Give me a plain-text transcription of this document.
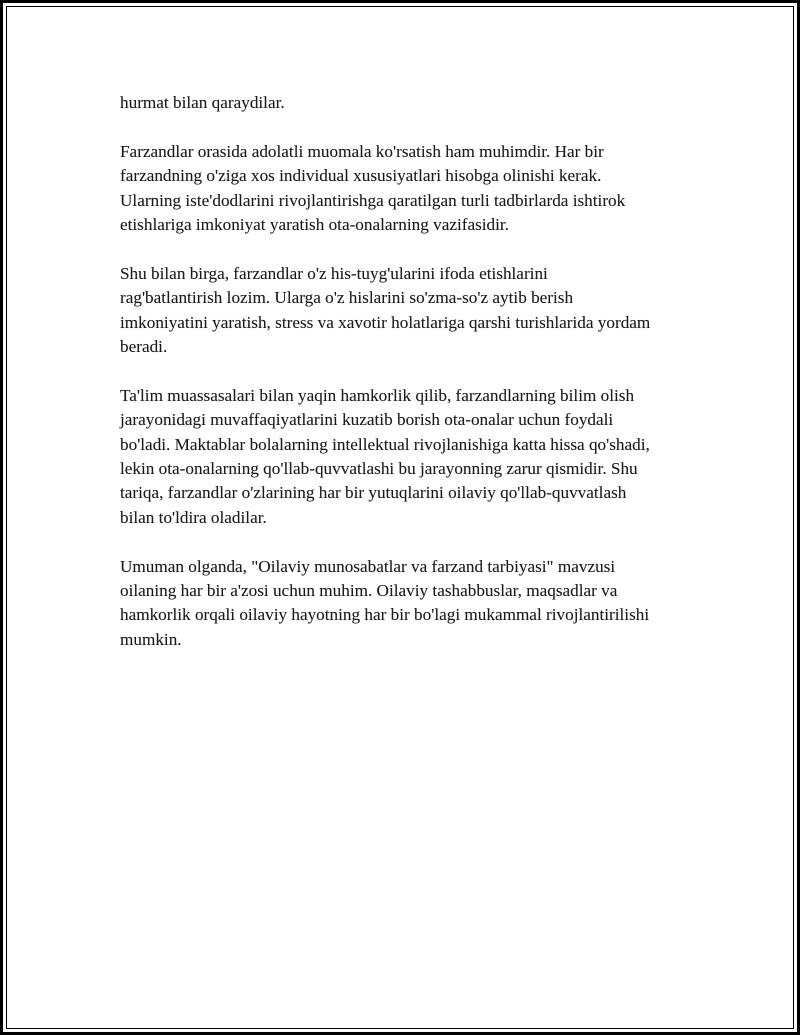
hurmat bilan qaraydilar.

Farzandlar orasida adolatli muomala ko'rsatish ham muhimdir. Har bir
farzandning o'ziga xos individual xususiyatlari hisobga olinishi kerak.
Ularning iste'dodlarini rivojlantirishga qaratilgan turli tadbirlarda ishtirok
etishlariga imkoniyat yaratish ota-onalarning vazifasidir.

Shu bilan birga, farzandlar o'z his-tuyg'ularini ifoda etishlarini
rag'batlantirish lozim. Ularga o'z hislarini so'zma-so'z aytib berish
imkoniyatini yaratish, stress va xavotir holatlariga qarshi turishlarida yordam
beradi.

Ta'lim muassasalari bilan yaqin hamkorlik qilib, farzandlarning bilim olish
jarayonidagi muvaffaqiyatlarini kuzatib borish ota-onalar uchun foydali
bo'ladi. Maktablar bolalarning intellektual rivojlanishiga katta hissa qo'shadi,
lekin ota-onalarning qo'llab-quvvatlashi bu jarayonning zarur qismidir. Shu
tariqa, farzandlar o'zlarining har bir yutuqlarini oilaviy qo'llab-quvvatlash
bilan to'ldira oladilar.

Umuman olganda, "Oilaviy munosabatlar va farzand tarbiyasi" mavzusi
oilaning har bir a'zosi uchun muhim. Oilaviy tashabbuslar, maqsadlar va
hamkorlik orqali oilaviy hayotning har bir bo'lagi mukammal rivojlantirilishi
mumkin.
